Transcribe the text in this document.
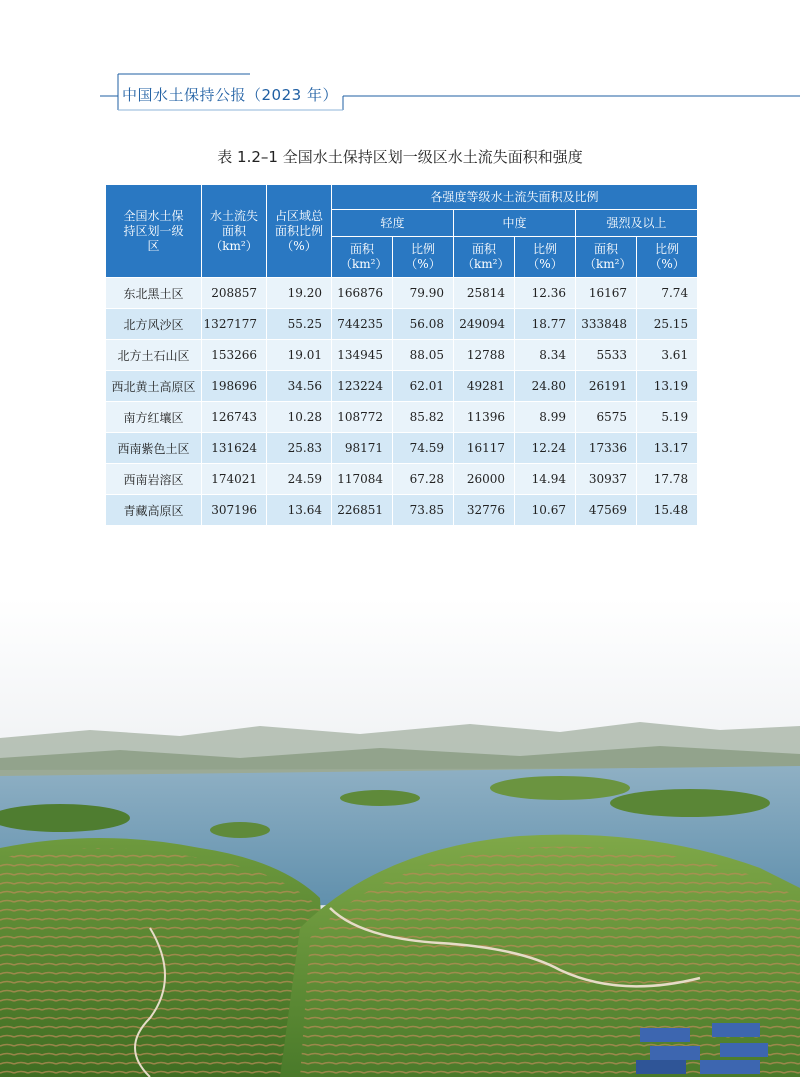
中国水土保持公报（2023 年）
表 1.2–1 全国水土保持区划一级区水土流失面积和强度
全国水土保持区划一级区	水土流失面积（km²）	占区域总面积比例（%）	各强度等级水土流失面积及比例					
			轻度		中度		强烈及以上	
			面积（km²）	比例（%）	面积（km²）	比例（%）	面积（km²）	比例（%）
东北黑土区	208857	19.20	166876	79.90	25814	12.36	16167	7.74
北方风沙区	1327177	55.25	744235	56.08	249094	18.77	333848	25.15
北方土石山区	153266	19.01	134945	88.05	12788	8.34	5533	3.61
西北黄土高原区	198696	34.56	123224	62.01	49281	24.80	26191	13.19
南方红壤区	126743	10.28	108772	85.82	11396	8.99	6575	5.19
西南紫色土区	131624	25.83	98171	74.59	16117	12.24	17336	13.17
西南岩溶区	174021	24.59	117084	67.28	26000	14.94	30937	17.78
青藏高原区	307196	13.64	226851	73.85	32776	10.67	47569	15.48
